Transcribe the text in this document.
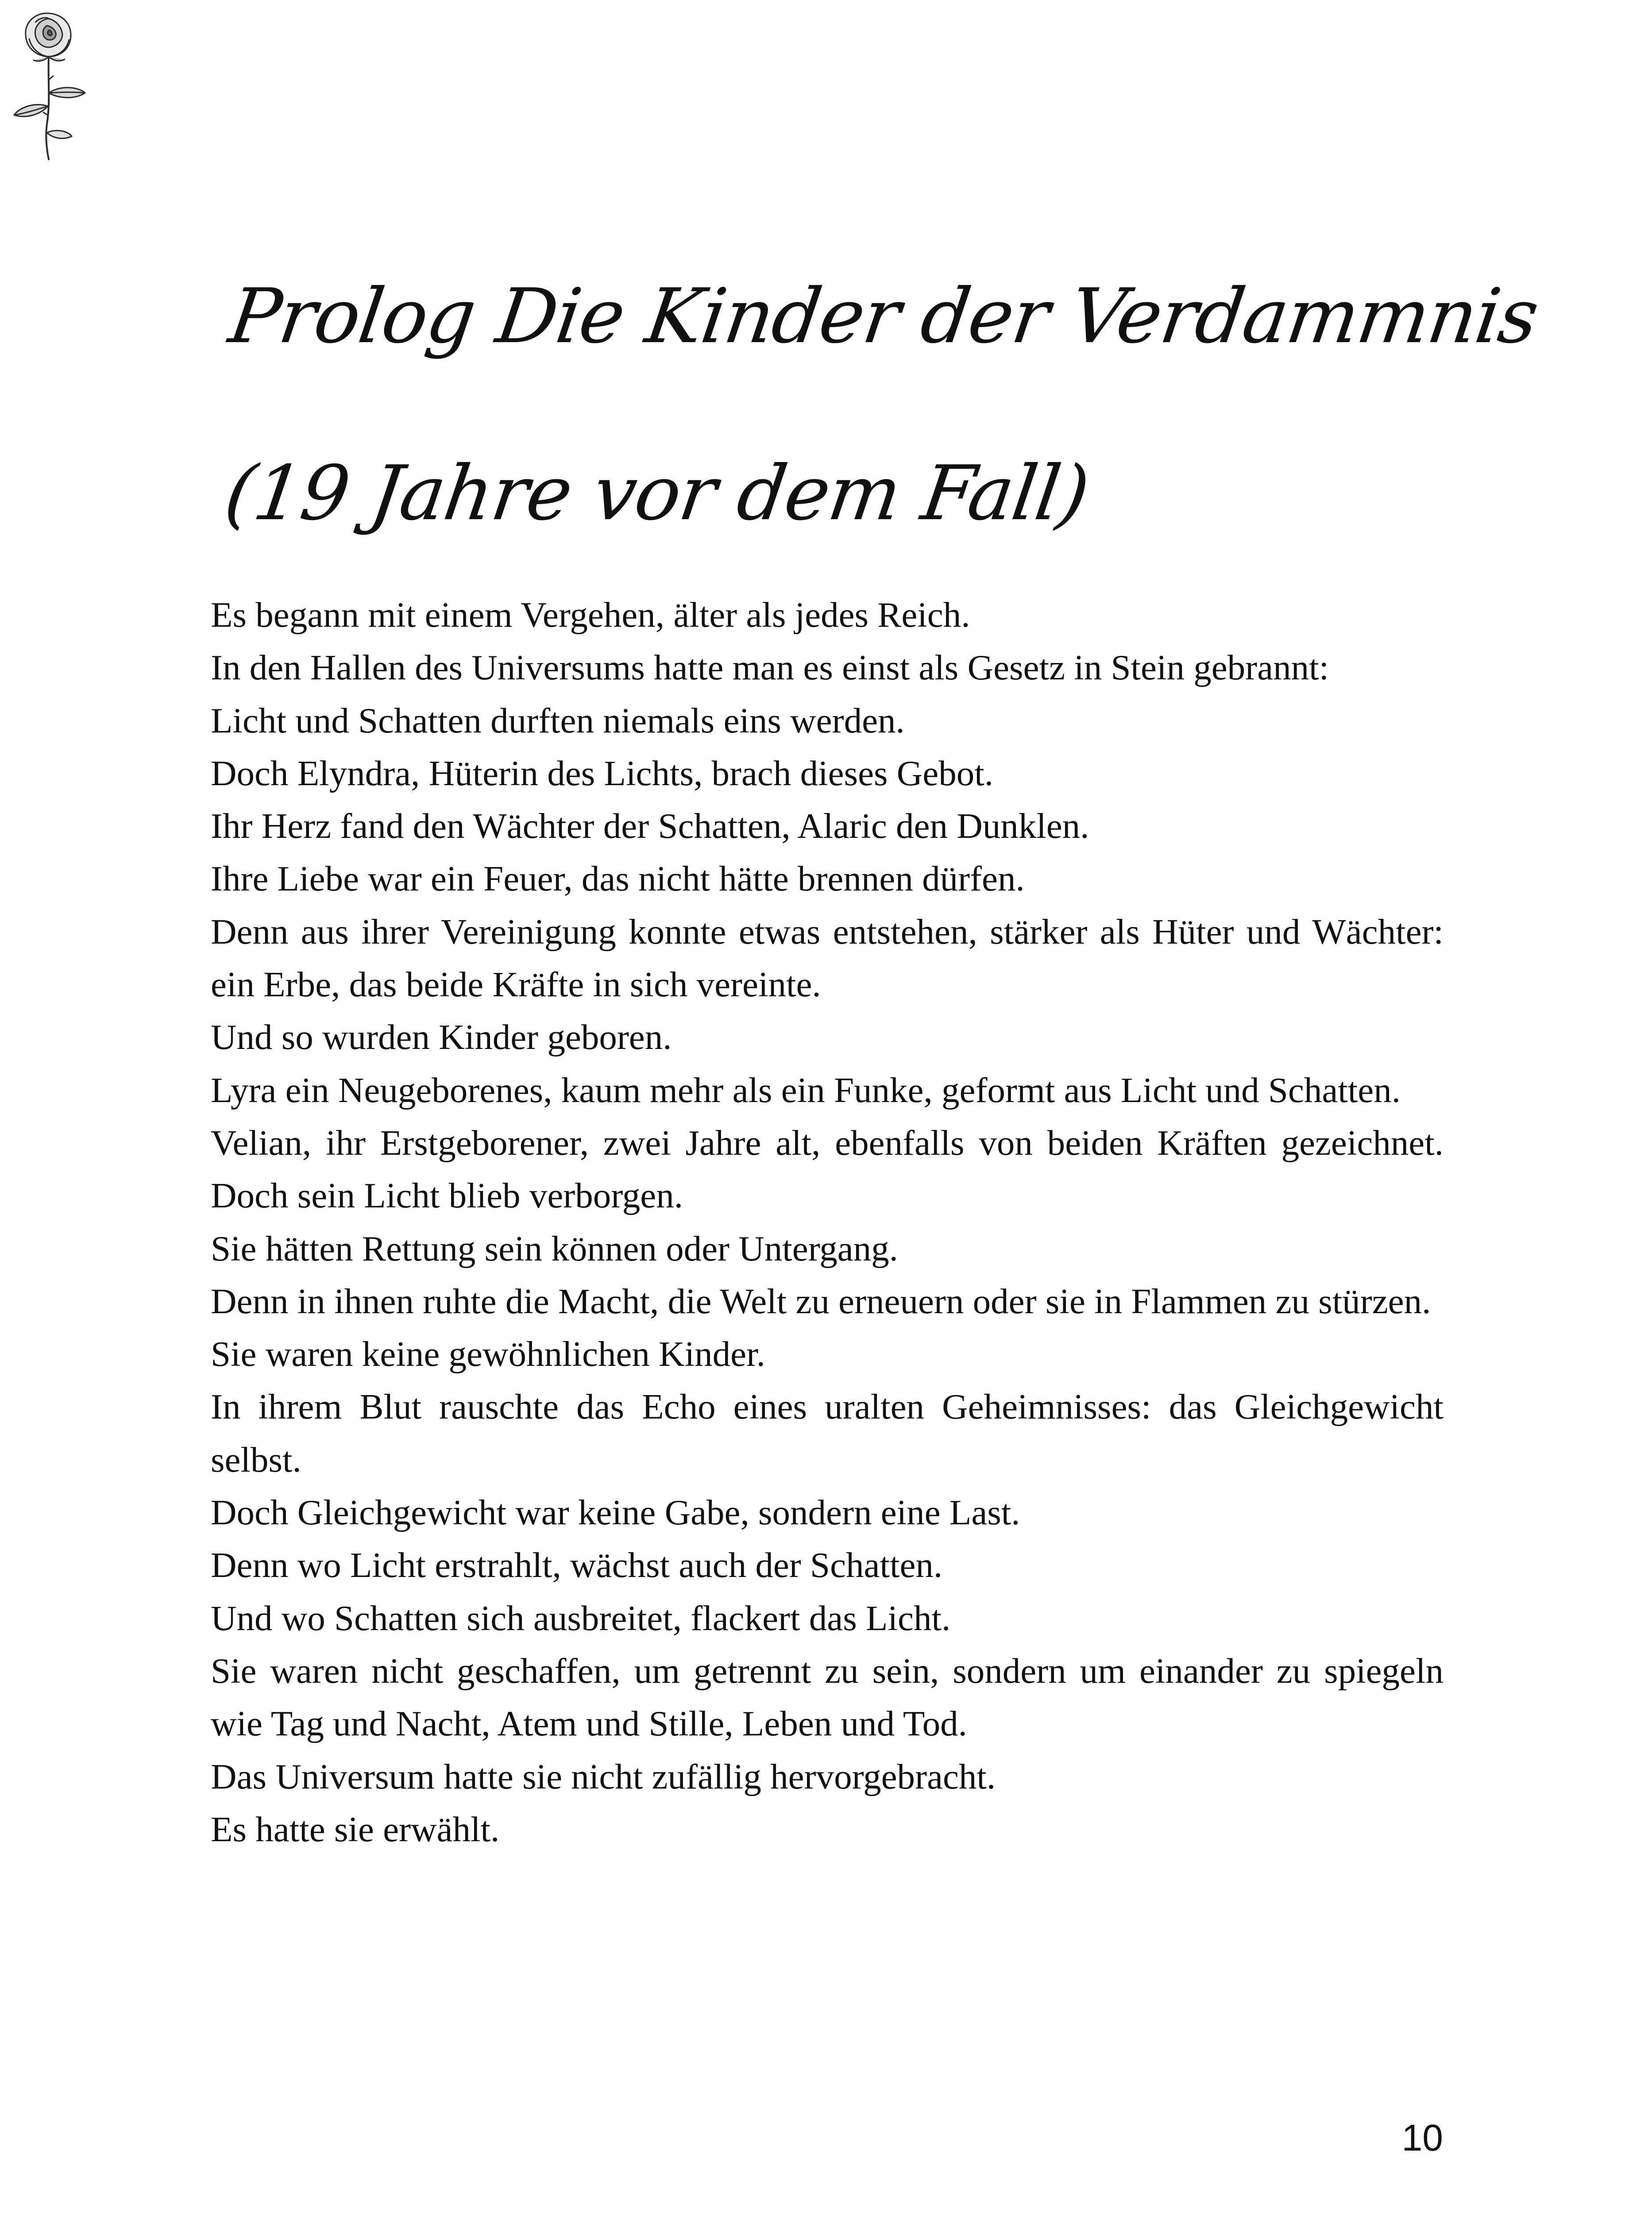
Prolog Die Kinder der Verdammnis
(19 Jahre vor dem Fall)

Es begann mit einem Vergehen, älter als jedes Reich.

In den Hallen des Universums hatte man es einst als Gesetz in Stein gebrannt:

Licht und Schatten durften niemals eins werden.

Doch Elyndra, Hüterin des Lichts, brach dieses Gebot.

Ihr Herz fand den Wächter der Schatten, Alaric den Dunklen.

Ihre Liebe war ein Feuer, das nicht hätte brennen dürfen.

Denn aus ihrer Vereinigung konnte etwas entstehen, stärker als Hüter und Wächter: ein Erbe, das beide Kräfte in sich vereinte.

Und so wurden Kinder geboren.

Lyra ein Neugeborenes, kaum mehr als ein Funke, geformt aus Licht und Schatten.

Velian, ihr Erstgeborener, zwei Jahre alt, ebenfalls von beiden Kräften gezeichnet. Doch sein Licht blieb verborgen.

Sie hätten Rettung sein können oder Untergang.

Denn in ihnen ruhte die Macht, die Welt zu erneuern oder sie in Flammen zu stürzen.

Sie waren keine gewöhnlichen Kinder.

In ihrem Blut rauschte das Echo eines uralten Geheimnisses: das Gleichgewicht selbst.

Doch Gleichgewicht war keine Gabe, sondern eine Last.

Denn wo Licht erstrahlt, wächst auch der Schatten.

Und wo Schatten sich ausbreitet, flackert das Licht.

Sie waren nicht geschaffen, um getrennt zu sein, sondern um einander zu spiegeln wie Tag und Nacht, Atem und Stille, Leben und Tod.

Das Universum hatte sie nicht zufällig hervorgebracht.

Es hatte sie erwählt.

10
